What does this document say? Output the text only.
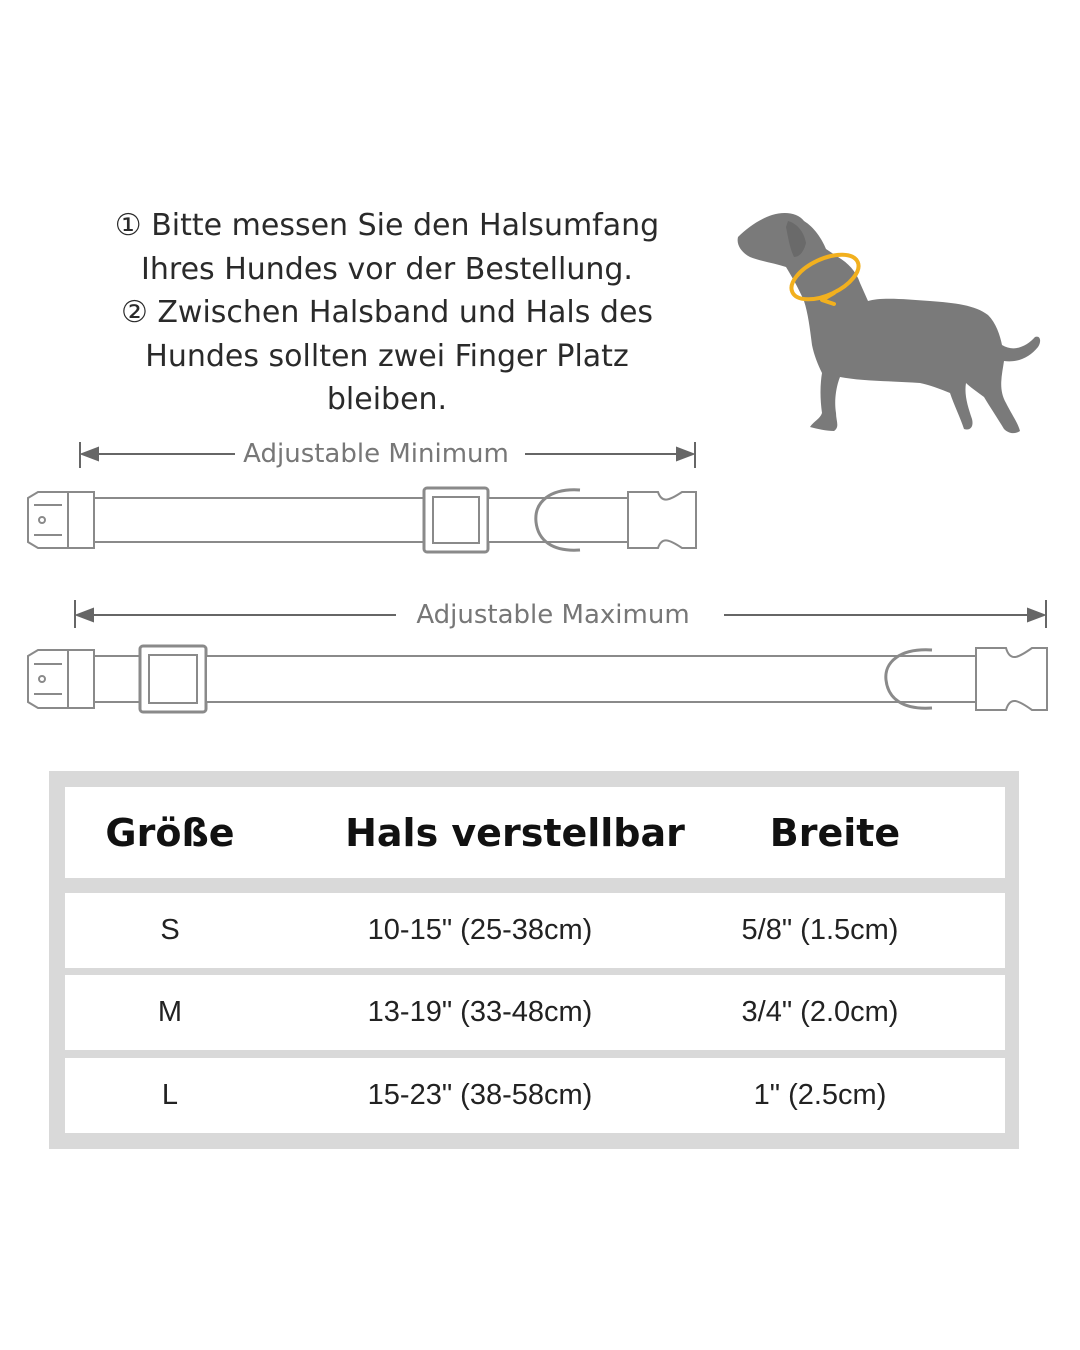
① Bitte messen Sie den Halsumfang Ihres Hundes vor der Bestellung.

② Zwischen Halsband und Hals des Hundes sollten zwei Finger Platz bleiben.

Adjustable Minimum
Adjustable Maximum
Größe	Hals verstellbar	Breite
S	10-15" (25-38cm)	5/8" (1.5cm)
M	13-19" (33-48cm)	3/4" (2.0cm)
L	15-23" (38-58cm)	1" (2.5cm)
